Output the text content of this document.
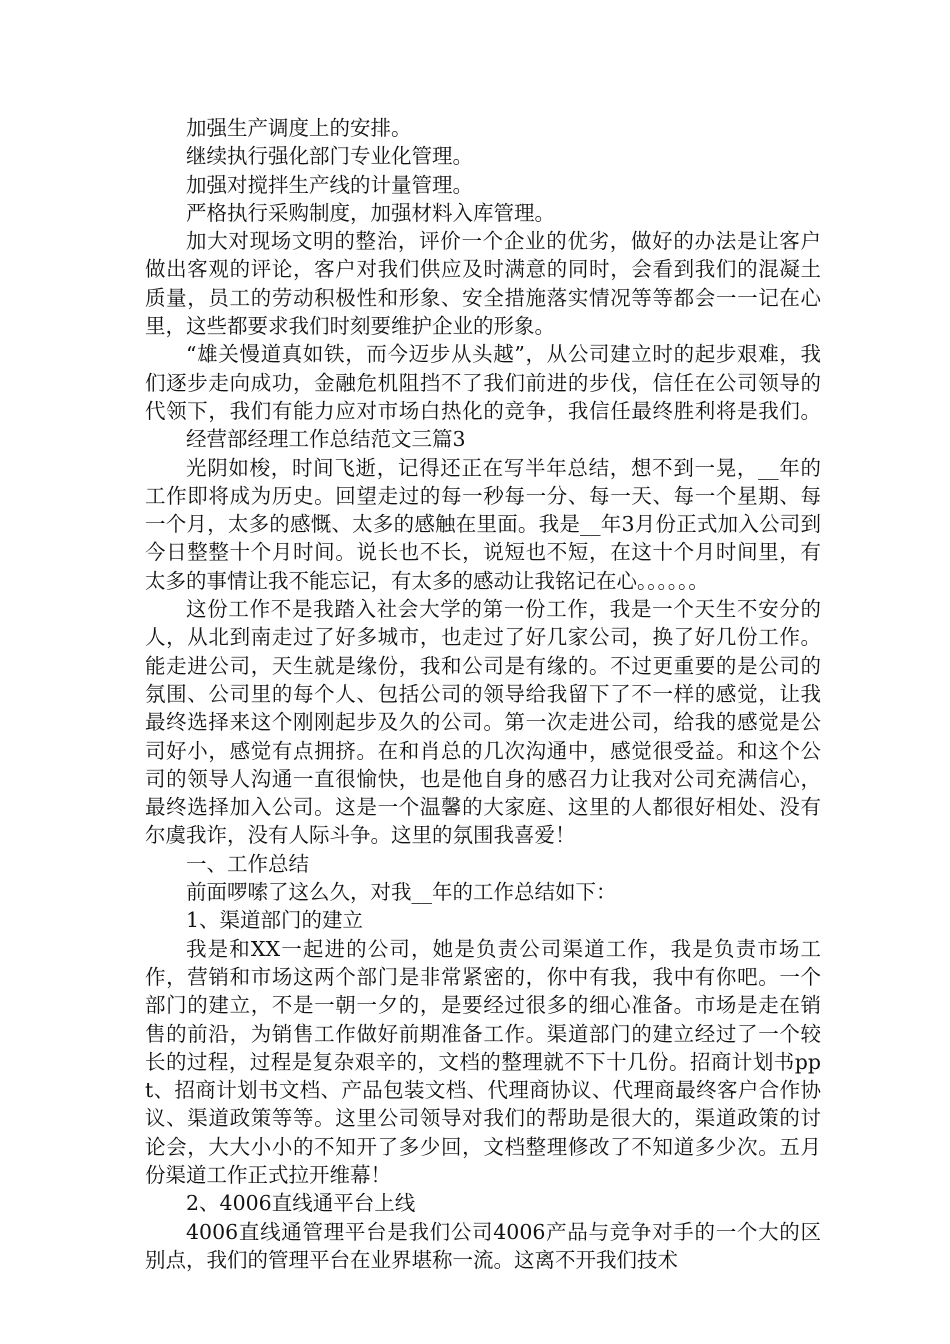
加强生产调度上的安排。

继续执行强化部门专业化管理。

加强对搅拌生产线的计量管理。

严格执行采购制度，加强材料入库管理。

加大对现场文明的整治，评价一个企业的优劣，做好的办法是让客户做出客观的评论，客户对我们供应及时满意的同时，会看到我们的混凝土质量，员工的劳动积极性和形象、安全措施落实情况等等都会一一记在心里，这些都要求我们时刻要维护企业的形象。

“雄关慢道真如铁，而今迈步从头越”，从公司建立时的起步艰难，我们逐步走向成功，金融危机阻挡不了我们前进的步伐，信任在公司领导的代领下，我们有能力应对市场白热化的竞争，我信任最终胜利将是我们。经营部经理工作总结范文三篇3

光阴如梭，时间飞逝，记得还正在写半年总结，想不到一晃，__年的工作即将成为历史。回望走过的每一秒每一分、每一天、每一个星期、每一个月，太多的感慨、太多的感触在里面。我是__年3月份正式加入公司到今日整整十个月时间。说长也不长，说短也不短，在这十个月时间里，有太多的事情让我不能忘记，有太多的感动让我铭记在心。。。。。。

这份工作不是我踏入社会大学的第一份工作，我是一个天生不安分的人，从北到南走过了好多城市，也走过了好几家公司，换了好几份工作。能走进公司，天生就是缘份，我和公司是有缘的。不过更重要的是公司的氛围、公司里的每个人、包括公司的领导给我留下了不一样的感觉，让我最终选择来这个刚刚起步及久的公司。第一次走进公司，给我的感觉是公司好小，感觉有点拥挤。在和肖总的几次沟通中，感觉很受益。和这个公司的领导人沟通一直很愉快，也是他自身的感召力让我对公司充满信心，最终选择加入公司。这是一个温馨的大家庭、这里的人都很好相处、没有尔虞我诈，没有人际斗争。这里的氛围我喜爱！

一、工作总结

前面啰嗦了这么久，对我__年的工作总结如下：

1、渠道部门的建立

我是和XX一起进的公司，她是负责公司渠道工作，我是负责市场工作，营销和市场这两个部门是非常紧密的，你中有我，我中有你吧。一个部门的建立，不是一朝一夕的，是要经过很多的细心准备。市场是走在销售的前沿，为销售工作做好前期准备工作。渠道部门的建立经过了一个较长的过程，过程是复杂艰辛的，文档的整理就不下十几份。招商计划书ppt、招商计划书文档、产品包装文档、代理商协议、代理商最终客户合作协议、渠道政策等等。这里公司领导对我们的帮助是很大的，渠道政策的讨论会，大大小小的不知开了多少回，文档整理修改了不知道多少次。五月份渠道工作正式拉开维幕！

2、4006直线通平台上线

4006直线通管理平台是我们公司4006产品与竞争对手的一个大的区别点，我们的管理平台在业界堪称一流。这离不开我们技术
